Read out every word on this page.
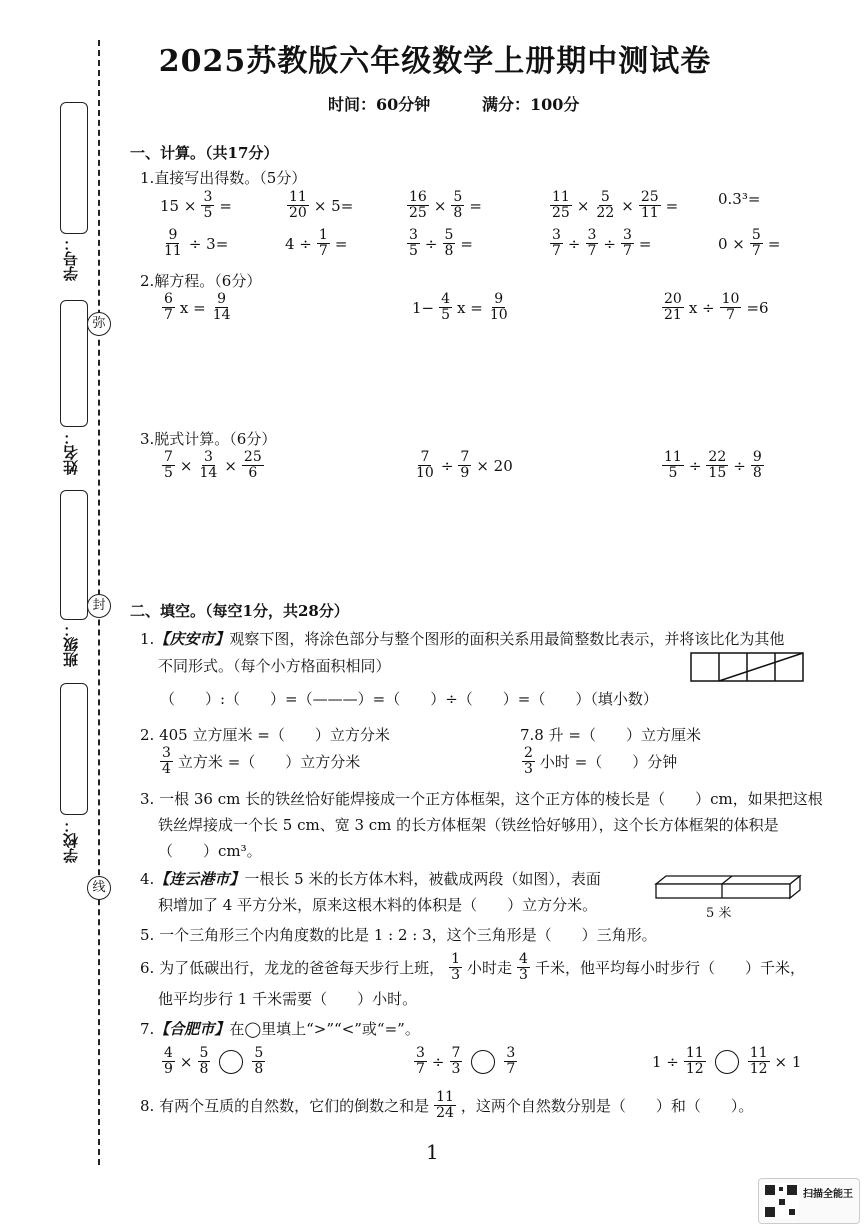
学号：
弥
姓名：
封
班级：
学校：
线
2025苏教版六年级数学上册期中测试卷
时间：60分钟	满分：100分
一、计算。（共17分）
1.直接写出得数。（5分）
2.解方程。（6分）
3.脱式计算。（6分）
二、填空。（每空1分，共28分）
1.【庆安市】观察下图，将涂色部分与整个图形的面积关系用最简整数比表示，并将该比化为其他
不同形式。（每个小方格面积相同）
（　　）:（　　）=（———）=（　　）÷（　　）=（　　）（填小数）
2. 405 立方厘米 =（　　）立方分米	7.8 升 =（　　）立方厘米
$\frac{3}{4}$ 立方米 =（　　）立方分米	$\frac{2}{3}$ 小时 =（　　）分钟
3. 一根 36 cm 长的铁丝恰好能焊接成一个正方体框架，这个正方体的棱长是（　　）cm，如果把这根
铁丝焊接成一个长 5 cm、宽 3 cm 的长方体框架（铁丝恰好够用），这个长方体框架的体积是
（　　）cm³。
4.【连云港市】一根长 5 米的长方体木料，被截成两段（如图），表面
积增加了 4 平方分米，原来这根木料的体积是（　　）立方分米。	5 米
5. 一个三角形三个内角度数的比是 1 : 2 : 3，这个三角形是（　　）三角形。
6. 为了低碳出行，龙龙的爸爸每天步行上班， $\frac{1}{3}$ 小时走 $\frac{4}{3}$ 千米，他平均每小时步行（　　）千米，
他平均步行 1 千米需要（　　）小时。
7.【合肥市】在◯里填上“>”“<”或“=”。
$\frac{4}{9} \times \frac{5}{8}$	$\frac{5}{8}$	$\frac{3}{7} \div \frac{7}{3}$	$\frac{3}{7}$	$1 \div \frac{11}{12}$	$\frac{11}{12} \times 1$
8. 有两个互质的自然数，它们的倒数之和是 $\frac{11}{24}$ ，这两个自然数分别是（　　）和（　　）。
1
扫描全能王
$15 \times \frac{3}{5}$ =	$\frac{11}{20} \times 5=$	$\frac{16}{25} \times \frac{5}{8}$ =	$\frac{11}{25} \times \frac{5}{22} \times \frac{25}{11}$ =	0.3³=
$\frac{9}{11} \div 3=$	$4 \div \frac{1}{7}$ =	$\frac{3}{5} \div \frac{5}{8}$ =	$\frac{3}{7} \div \frac{3}{7} \div \frac{3}{7}$ =	$0 \times \frac{5}{7}$ =
$\frac{6}{7}$ $x = \frac{9}{14}$	$1- \frac{4}{5}$ $x = \frac{9}{10}$	$\frac{20}{21}$ $x \div \frac{10}{7} =6$
$\frac{7}{5} \times \frac{3}{14} \times \frac{25}{6}$	$\frac{7}{10} \div \frac{7}{9} \times 20$	$\frac{11}{5} \div \frac{22}{15} \div \frac{9}{8}$
